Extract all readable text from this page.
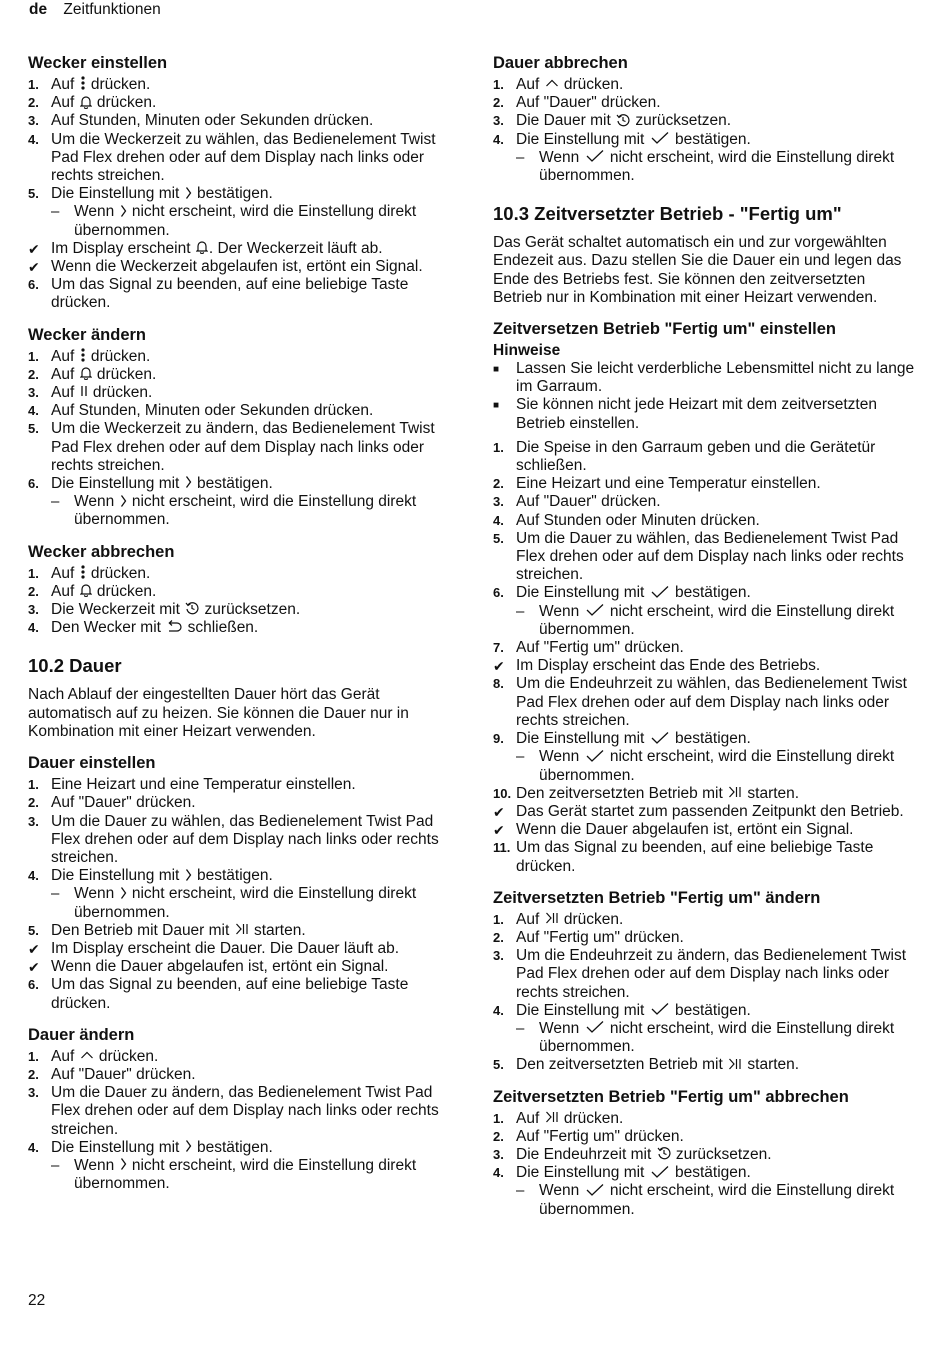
de Zeitfunktionen
Wecker einstellen
1. Auf drücken.
2. Auf drücken.
3. Auf Stunden, Minuten oder Sekunden drücken.
4. Um die Weckerzeit zu wählen, das Bedienelement Twist Pad Flex drehen oder auf dem Display nach links oder rechts streichen.
5. Die Einstellung mit bestätigen.
– Wenn nicht erscheint, wird die Einstellung direkt übernommen.
✔ Im Display erscheint . Der Weckerzeit läuft ab.
✔ Wenn die Weckerzeit abgelaufen ist, ertönt ein Signal.
6. Um das Signal zu beenden, auf eine beliebige Taste drücken.
Wecker ändern
1. Auf drücken.
2. Auf drücken.
3. Auf drücken.
4. Auf Stunden, Minuten oder Sekunden drücken.
5. Um die Weckerzeit zu ändern, das Bedienelement Twist Pad Flex drehen oder auf dem Display nach links oder rechts streichen.
6. Die Einstellung mit bestätigen.
– Wenn nicht erscheint, wird die Einstellung direkt übernommen.
Wecker abbrechen
1. Auf drücken.
2. Auf drücken.
3. Die Weckerzeit mit zurücksetzen.
4. Den Wecker mit schließen.
10.2 Dauer

Nach Ablauf der eingestellten Dauer hört das Gerät automatisch auf zu heizen. Sie können die Dauer nur in Kombination mit einer Heizart verwenden.

Dauer einstellen
1. Eine Heizart und eine Temperatur einstellen.
2. Auf "Dauer" drücken.
3. Um die Dauer zu wählen, das Bedienelement Twist Pad Flex drehen oder auf dem Display nach links oder rechts streichen.
4. Die Einstellung mit bestätigen.
– Wenn nicht erscheint, wird die Einstellung direkt übernommen.
5. Den Betrieb mit Dauer mit starten.
✔ Im Display erscheint die Dauer. Die Dauer läuft ab.
✔ Wenn die Dauer abgelaufen ist, ertönt ein Signal.
6. Um das Signal zu beenden, auf eine beliebige Taste drücken.
Dauer ändern
1. Auf drücken.
2. Auf "Dauer" drücken.
3. Um die Dauer zu ändern, das Bedienelement Twist Pad Flex drehen oder auf dem Display nach links oder rechts streichen.
4. Die Einstellung mit bestätigen.
– Wenn nicht erscheint, wird die Einstellung direkt übernommen.
Dauer abbrechen
1. Auf drücken.
2. Auf "Dauer" drücken.
3. Die Dauer mit zurücksetzen.
4. Die Einstellung mit bestätigen.
– Wenn nicht erscheint, wird die Einstellung direkt übernommen.
10.3 Zeitversetzter Betrieb - "Fertig um"

Das Gerät schaltet automatisch ein und zur vorgewählten Endezeit aus. Dazu stellen Sie die Dauer ein und legen das Ende des Betriebs fest. Sie können den zeitversetzten Betrieb nur in Kombination mit einer Heizart verwenden.

Zeitversetzen Betrieb "Fertig um" einstellen
Hinweise
■ Lassen Sie leicht verderbliche Lebensmittel nicht zu lange im Garraum.
■ Sie können nicht jede Heizart mit dem zeitversetzten Betrieb einstellen.
1. Die Speise in den Garraum geben und die Gerätetür schließen.
2. Eine Heizart und eine Temperatur einstellen.
3. Auf "Dauer" drücken.
4. Auf Stunden oder Minuten drücken.
5. Um die Dauer zu wählen, das Bedienelement Twist Pad Flex drehen oder auf dem Display nach links oder rechts streichen.
6. Die Einstellung mit bestätigen.
– Wenn nicht erscheint, wird die Einstellung direkt übernommen.
7. Auf "Fertig um" drücken.
✔ Im Display erscheint das Ende des Betriebs.
8. Um die Endeuhrzeit zu wählen, das Bedienelement Twist Pad Flex drehen oder auf dem Display nach links oder rechts streichen.
9. Die Einstellung mit bestätigen.
– Wenn nicht erscheint, wird die Einstellung direkt übernommen.
10. Den zeitversetzten Betrieb mit starten.
✔ Das Gerät startet zum passenden Zeitpunkt den Betrieb.
✔ Wenn die Dauer abgelaufen ist, ertönt ein Signal.
11. Um das Signal zu beenden, auf eine beliebige Taste drücken.
Zeitversetzten Betrieb "Fertig um" ändern
1. Auf drücken.
2. Auf "Fertig um" drücken.
3. Um die Endeuhrzeit zu ändern, das Bedienelement Twist Pad Flex drehen oder auf dem Display nach links oder rechts streichen.
4. Die Einstellung mit bestätigen.
– Wenn nicht erscheint, wird die Einstellung direkt übernommen.
5. Den zeitversetzten Betrieb mit starten.
Zeitversetzten Betrieb "Fertig um" abbrechen
1. Auf drücken.
2. Auf "Fertig um" drücken.
3. Die Endeuhrzeit mit zurücksetzen.
4. Die Einstellung mit bestätigen.
– Wenn nicht erscheint, wird die Einstellung direkt übernommen.
22
